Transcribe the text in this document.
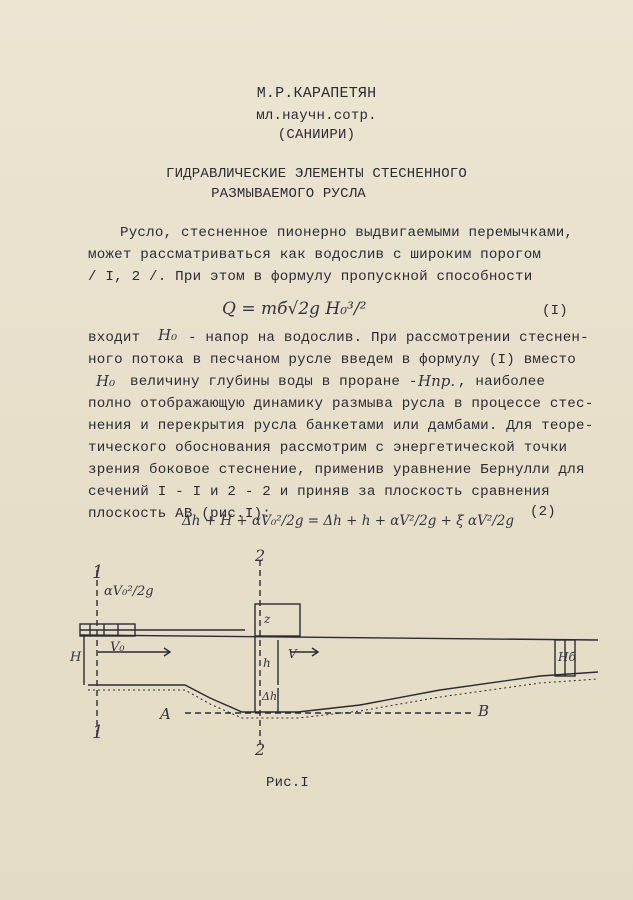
М.Р.КАРАПЕТЯН
мл.научн.сотр.
(САНИИРИ)
ГИДРАВЛИЧЕСКИЕ ЭЛЕМЕНТЫ СТЕСНЕННОГО
РАЗМЫВАЕМОГО РУСЛА
Русло, стесненное пионерно выдвигаемыми перемычками,
может рассматриваться как водослив с широким порогом
/ I, 2 /. При этом в формулу пропускной способности
Q = mб√2g H₀³/²	(I)
входит H₀ - напор на водослив. При рассмотрении стеснен-
ного потока в песчаном русле введем в формулу (I) вместо
H₀ величину глубины воды в проране - Hпр. , наиболее
полно отображающую динамику размыва русла в процессе стес-
нения и перекрытия русла банкетами или дамбами. Для теоре-
тического обоснования рассмотрим с энергетической точки
зрения боковое стеснение, применив уравнение Бернулли для
сечений I - I и 2 - 2 и приняв за плоскость сравнения
плоскость АВ (рис.I):
Δh + H + αV₀²/2g = Δh + h + αV²/2g + ξ αV²/2g
(2)
1
1
2
2
αV₀²/2g
V₀
H
z
h
V
Δh
Hб
A	B
Рис.I
